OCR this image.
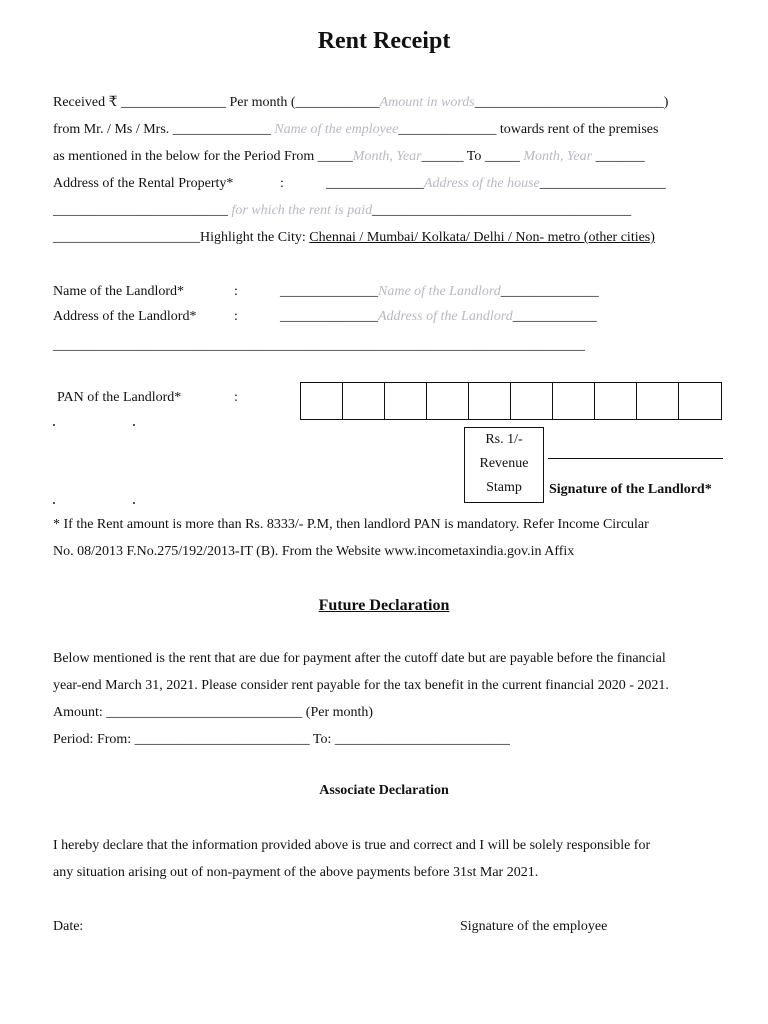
Rent Receipt
Received ₹ _______________ Per month (____________Amount in words___________________________)
from Mr. / Ms / Mrs. ______________ Name of the employee______________ towards rent of the premises
as mentioned in the below for the Period From _____Month, Year______ To _____ Month, Year _______
Address of the Rental Property*	:	______________Address of the house__________________
_________________________ for which the rent is paid_____________________________________
_____________________Highlight the City: Chennai / Mumbai/ Kolkata/ Delhi / Non- metro (other cities)
Name of the Landlord*	:	______________Name of the Landlord______________
Address of the Landlord*	:	______________Address of the Landlord____________
____________________________________________________________________________
PAN of the Landlord*	:
Rs. 1/-
Revenue
Stamp	Signature of the Landlord*
* If the Rent amount is more than Rs. 8333/- P.M, then landlord PAN is mandatory. Refer Income Circular
No. 08/2013 F.No.275/192/2013-IT (B). From the Website www.incometaxindia.gov.in Affix
Future Declaration
Below mentioned is the rent that are due for payment after the cutoff date but are payable before the financial
year-end March 31, 2021. Please consider rent payable for the tax benefit in the current financial 2020 - 2021.
Amount: ____________________________ (Per month)
Period: From: _________________________ To: _________________________
Associate Declaration
I hereby declare that the information provided above is true and correct and I will be solely responsible for
any situation arising out of non-payment of the above payments before 31st Mar 2021.
Date:	Signature of the employee
